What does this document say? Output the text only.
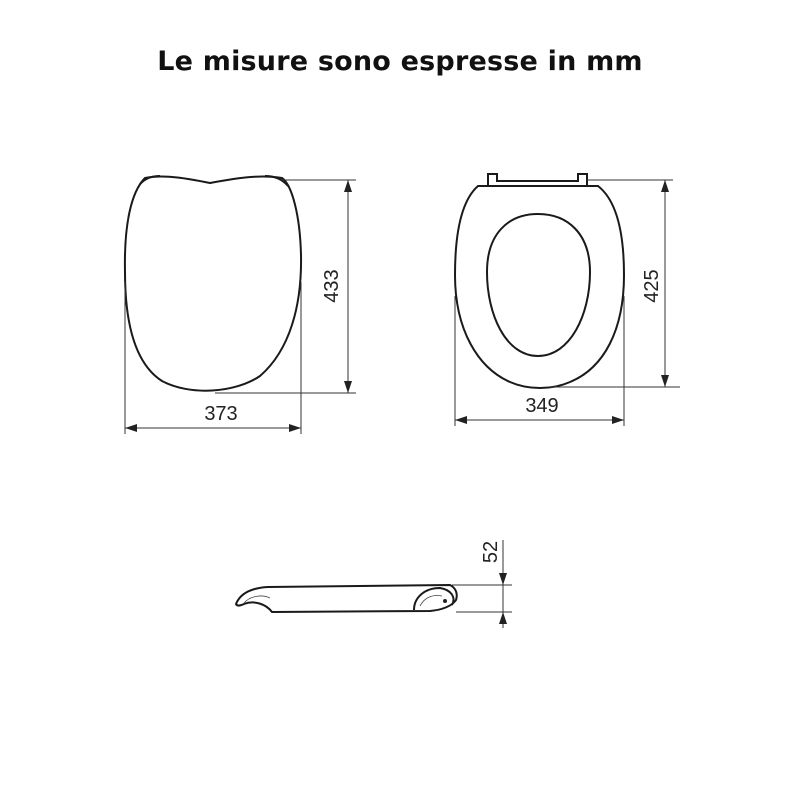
Le misure sono espresse in mm
373
433
349
425
52
